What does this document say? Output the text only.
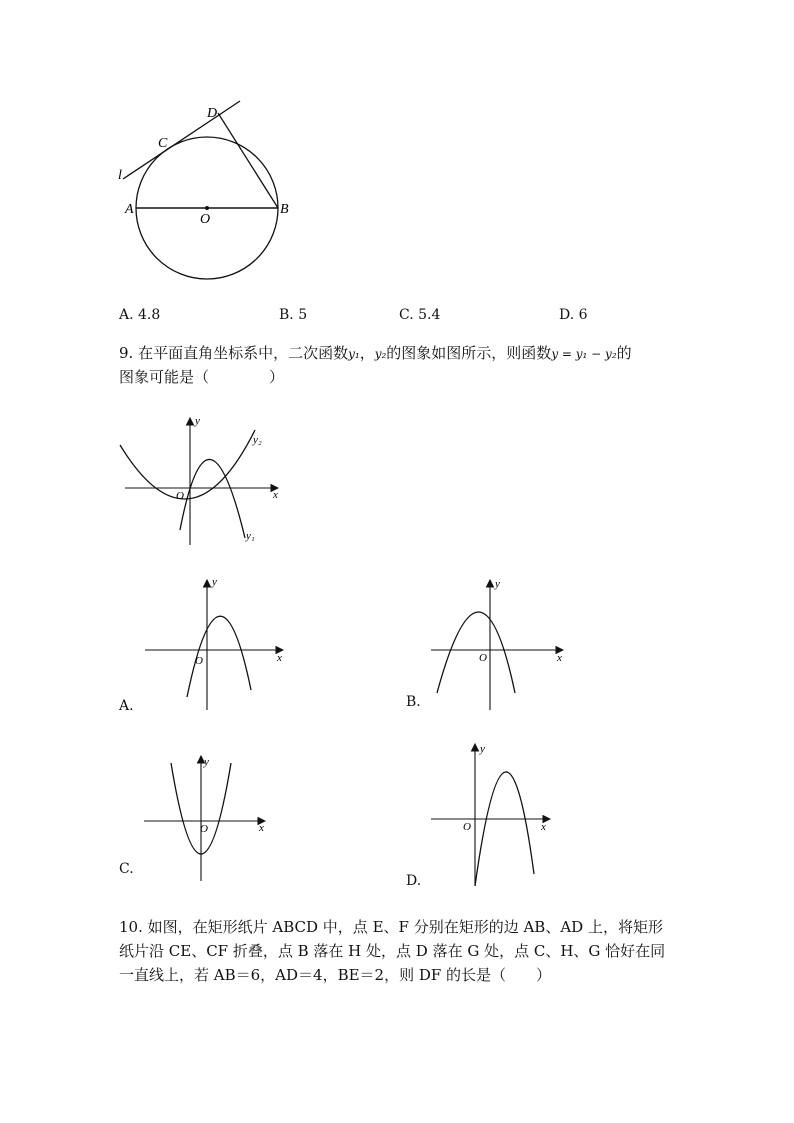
D
C
l
A
O
B
A. 4.8	B. 5	C. 5.4	D. 6
9. 在平面直角坐标系中，二次函数y₁，y₂的图象如图所示，则函数y = y₁ − y₂的
图象可能是（　　　　）
y
x
O
y₂
y₁
y
x
O
A.
y
x
O
B.
y
x
O
C.
y
x
O
D.
10. 如图，在矩形纸片 ABCD 中，点 E、F 分别在矩形的边 AB、AD 上，将矩形
纸片沿 CE、CF 折叠，点 B 落在 H 处，点 D 落在 G 处，点 C、H、G 恰好在同
一直线上，若 AB＝6，AD＝4，BE＝2，则 DF 的长是（　　）
